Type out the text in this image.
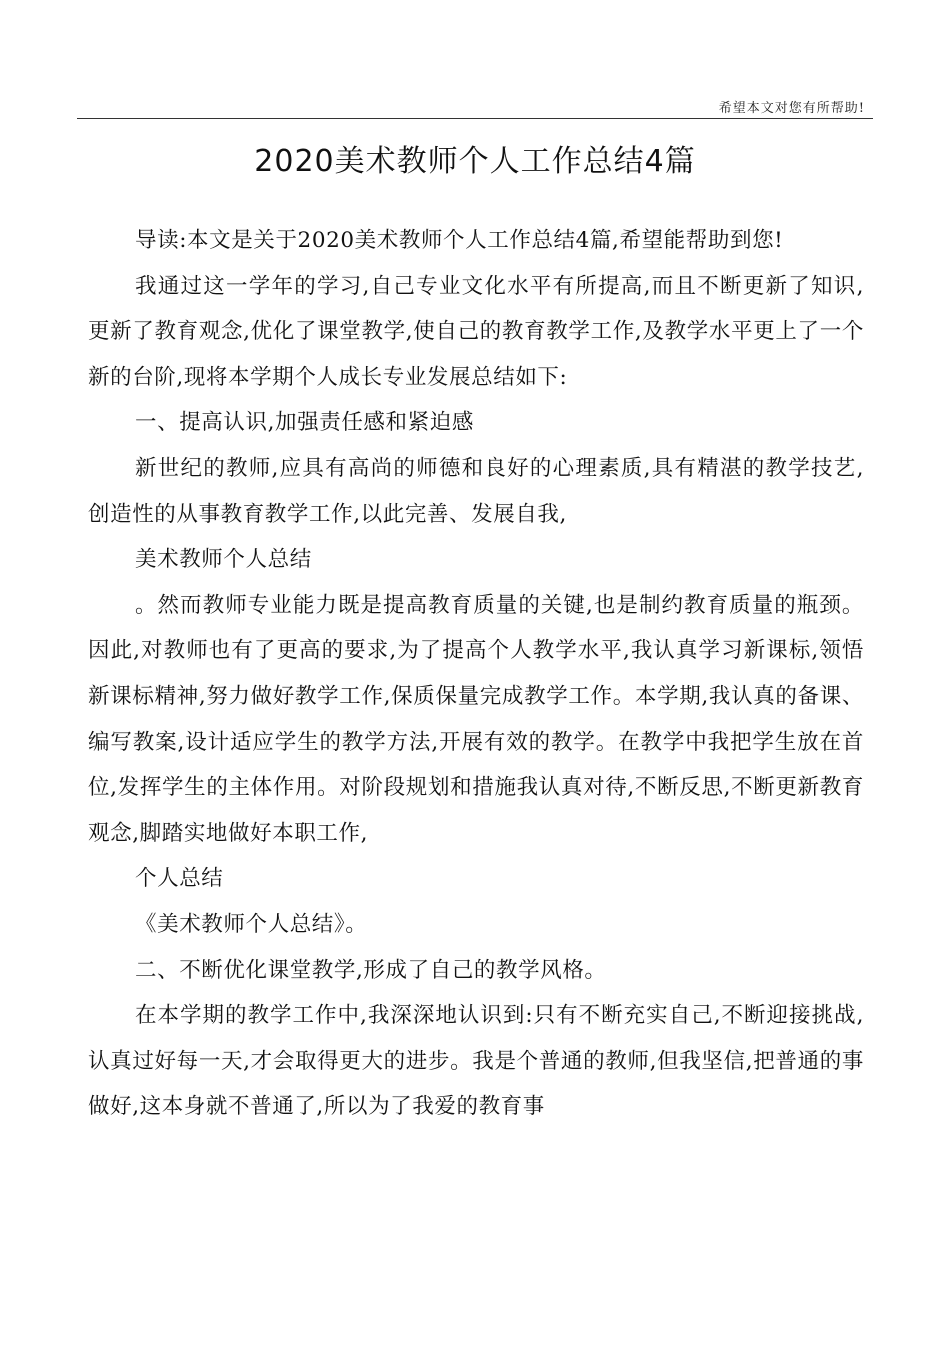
希望本文对您有所帮助!
2020美术教师个人工作总结4篇

导读:本文是关于2020美术教师个人工作总结4篇,希望能帮助到您!

我通过这一学年的学习,自己专业文化水平有所提高,而且不断更新了知识,更新了教育观念,优化了课堂教学,使自己的教育教学工作,及教学水平更上了一个新的台阶,现将本学期个人成长专业发展总结如下:

一、提高认识,加强责任感和紧迫感

新世纪的教师,应具有高尚的师德和良好的心理素质,具有精湛的教学技艺,创造性的从事教育教学工作,以此完善、发展自我,

美术教师个人总结

。然而教师专业能力既是提高教育质量的关键,也是制约教育质量的瓶颈。 因此,对教师也有了更高的要求,为了提高个人教学水平,我认真学习新课标,领悟新课标精神,努力做好教学工作,保质保量完成教学工作。本学期,我认真的备课、编写教案,设计适应学生的教学方法,开展有效的教学。在教学中我把学生放在首位,发挥学生的主体作用。对阶段规划和措施我认真对待,不断反思,不断更新教育观念,脚踏实地做好本职工作,

个人总结

《美术教师个人总结》。

二、不断优化课堂教学,形成了自己的教学风格。

在本学期的教学工作中,我深深地认识到:只有不断充实自己,不断迎接挑战,认真过好每一天,才会取得更大的进步。我是个普通的教师,但我坚信,把普通的事做好,这本身就不普通了,所以为了我爱的教育事
